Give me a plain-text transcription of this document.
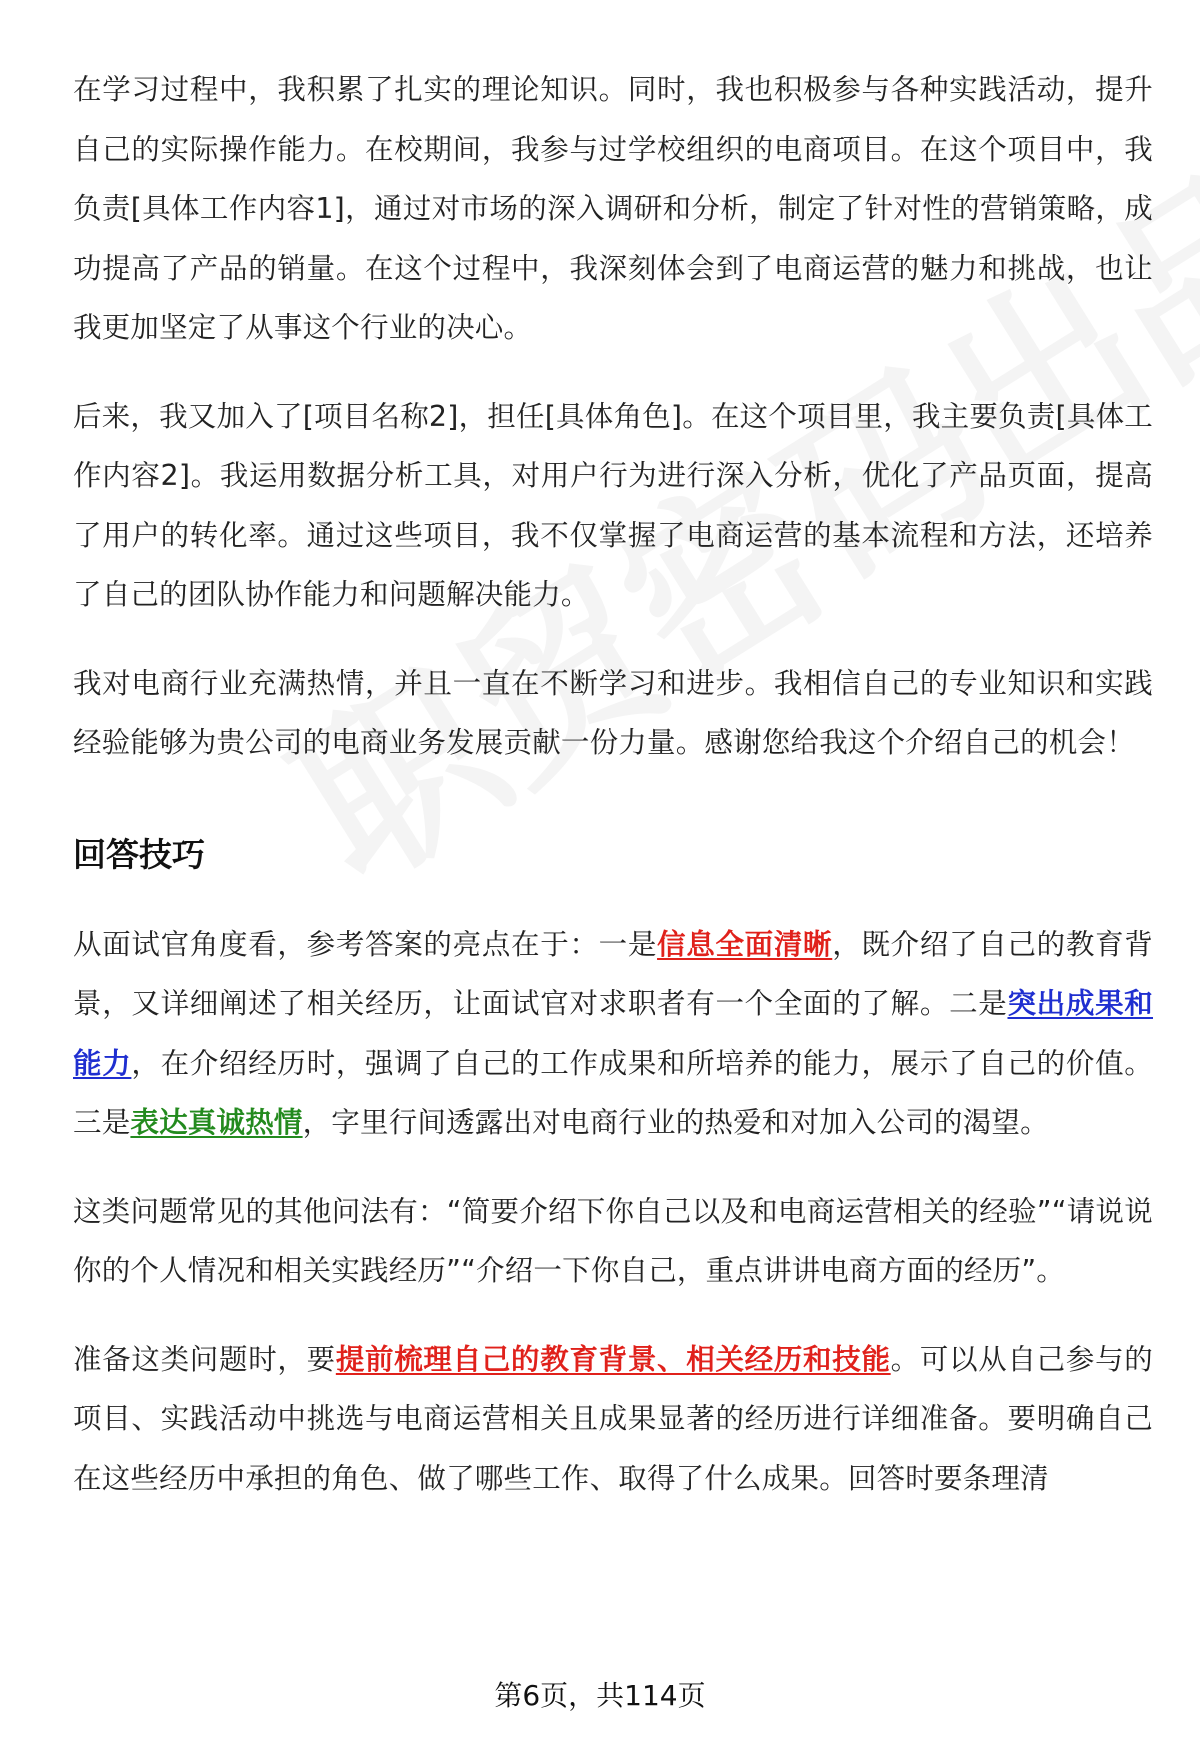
在学习过程中，我积累了扎实的理论知识。同时，我也积极参与各种实践活动，提升自己的实际操作能力。在校期间，我参与过学校组织的电商项目。在这个项目中，我负责[具体工作内容1]，通过对市场的深入调研和分析，制定了针对性的营销策略，成功提高了产品的销量。在这个过程中，我深刻体会到了电商运营的魅力和挑战，也让我更加坚定了从事这个行业的决心。

后来，我又加入了[项目名称2]，担任[具体角色]。在这个项目里，我主要负责[具体工作内容2]。我运用数据分析工具，对用户行为进行深入分析，优化了产品页面，提高了用户的转化率。通过这些项目，我不仅掌握了电商运营的基本流程和方法，还培养了自己的团队协作能力和问题解决能力。

我对电商行业充满热情，并且一直在不断学习和进步。我相信自己的专业知识和实践经验能够为贵公司的电商业务发展贡献一份力量。感谢您给我这个介绍自己的机会！

回答技巧

从面试官角度看，参考答案的亮点在于：一是信息全面清晰，既介绍了自己的教育背景，又详细阐述了相关经历，让面试官对求职者有一个全面的了解。二是突出成果和能力，在介绍经历时，强调了自己的工作成果和所培养的能力，展示了自己的价值。三是表达真诚热情，字里行间透露出对电商行业的热爱和对加入公司的渴望。

这类问题常见的其他问法有：“简要介绍下你自己以及和电商运营相关的经验”“请说说你的个人情况和相关实践经历”“介绍一下你自己，重点讲讲电商方面的经历”。

准备这类问题时，要提前梳理自己的教育背景、相关经历和技能。可以从自己参与的项目、实践活动中挑选与电商运营相关且成果显著的经历进行详细准备。要明确自己在这些经历中承担的角色、做了哪些工作、取得了什么成果。回答时要条理清

第6页，共114页
